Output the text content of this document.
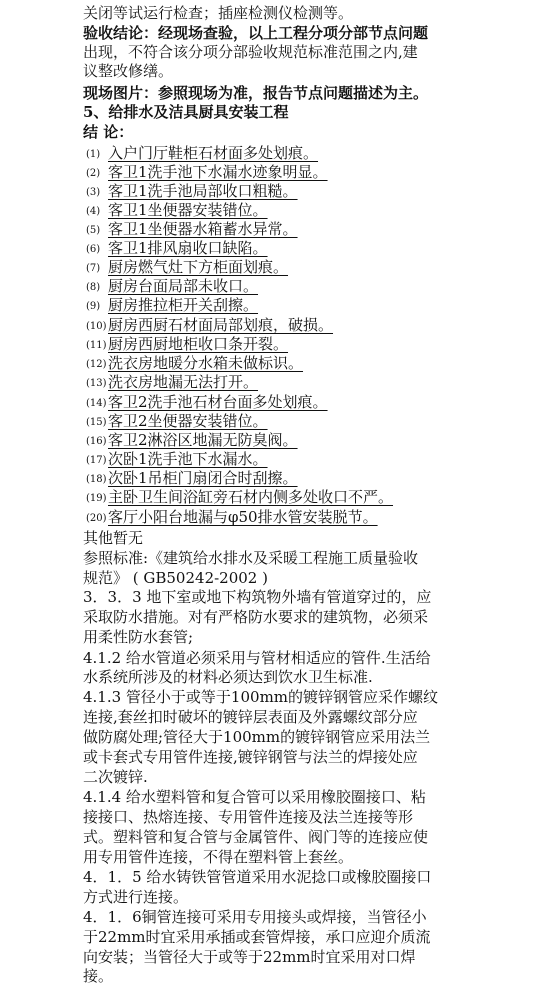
关闭等试运行检查；插座检测仪检测等。
验收结论：经现场查验，以上工程分项分部节点问题
出现，不符合该分项分部验收规范标准范围之内,建
议整改修缮。
现场图片：参照现场为准，报告节点问题描述为主。
5、给排水及洁具厨具安装工程
结 论：
(1) 入户门厅鞋柜石材面多处划痕。
(2) 客卫1洗手池下水漏水迹象明显。
(3) 客卫1洗手池局部收口粗糙。
(4) 客卫1坐便器安装错位。
(5) 客卫1坐便器水箱蓄水异常。
(6) 客卫1排风扇收口缺陷。
(7) 厨房燃气灶下方柜面划痕。
(8) 厨房台面局部未收口。
(9) 厨房推拉柜开关刮擦。
(10)厨房西厨石材面局部划痕，破损。
(11)厨房西厨地柜收口条开裂。
(12)洗衣房地暖分水箱未做标识。
(13)洗衣房地漏无法打开。
(14)客卫2洗手池石材台面多处划痕。
(15)客卫2坐便器安装错位。
(16)客卫2淋浴区地漏无防臭阀。
(17)次卧1洗手池下水漏水。
(18)次卧1吊柜门扇闭合时刮擦。
(19)主卧卫生间浴缸旁石材内侧多处收口不严。
(20)客厅小阳台地漏与φ50排水管安装脱节。
其他暂无
参照标准:《建筑给水排水及采暖工程施工质量验收
规范》 ( GB50242-2002 )
3．3．3 地下室或地下构筑物外墙有管道穿过的，应
采取防水措施。对有严格防水要求的建筑物，必须采
用柔性防水套管;
4.1.2 给水管道必须采用与管材相适应的管件.生活给
水系统所涉及的材料必须达到饮水卫生标准.
4.1.3 管径小于或等于100mm的镀锌钢管应采作螺纹
连接,套丝扣时破坏的镀锌层表面及外露螺纹部分应
做防腐处理;管径大于100mm的镀锌钢管应采用法兰
或卡套式专用管件连接,镀锌钢管与法兰的焊接处应
二次镀锌.
4.1.4 给水塑料管和复合管可以采用橡胶圈接口、粘
接接口、热熔连接、专用管件连接及法兰连接等形
式。塑料管和复合管与金属管件、阀门等的连接应使
用专用管件连接，不得在塑料管上套丝。
4．1．5 给水铸铁管管道采用水泥捻口或橡胶圈接口
方式进行连接。
4．1．6铜管连接可采用专用接头或焊接，当管径小
于22mm时宜采用承插或套管焊接，承口应迎介质流
向安装；当管径大于或等于22mm时宜采用对口焊
接。
